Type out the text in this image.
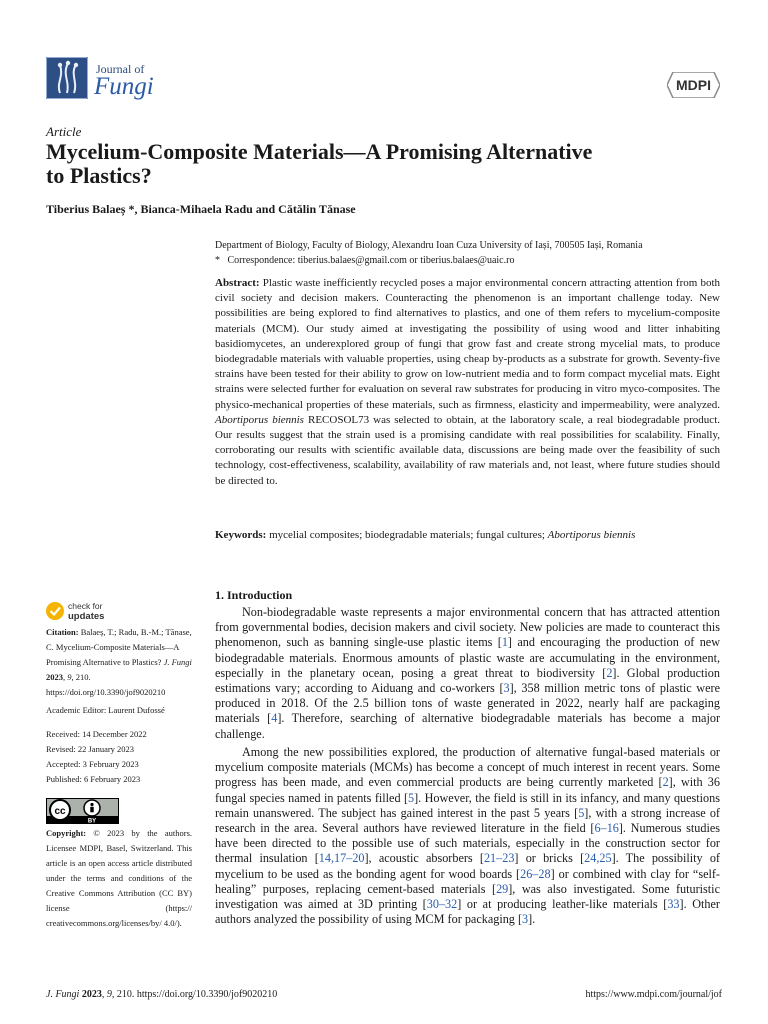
Journal of
Fungi	MDPI
Article
Mycelium-Composite Materials—A Promising Alternative
to Plastics?
Tiberius Balaeș *, Bianca-Mihaela Radu and Cătălin Tănase
Department of Biology, Faculty of Biology, Alexandru Ioan Cuza University of Iași, 700505 Iași, Romania
* Correspondence: tiberius.balaes@gmail.com or tiberius.balaes@uaic.ro
Abstract: Plastic waste inefficiently recycled poses a major environmental concern attracting attention from both civil society and decision makers. Counteracting the phenomenon is an important challenge today. New possibilities are being explored to find alternatives to plastics, and one of them refers to mycelium-composite materials (MCM). Our study aimed at investigating the possibility of using wood and litter inhabiting basidiomycetes, an underexplored group of fungi that grow fast and create strong mycelial mats, to produce biodegradable materials with valuable properties, using cheap by-products as a substrate for growth. Seventy-five strains have been tested for their ability to grow on low-nutrient media and to form compact mycelial mats. Eight strains were selected further for evaluation on several raw substrates for producing in vitro myco-composites. The physico-mechanical properties of these materials, such as firmness, elasticity and impermeability, were analyzed. Abortiporus biennis RECOSOL73 was selected to obtain, at the laboratory scale, a real biodegradable product. Our results suggest that the strain used is a promising candidate with real possibilities for scalability. Finally, corroborating our results with scientific available data, discussions are being made over the feasibility of such technology, cost-effectiveness, scalability, availability of raw materials and, not least, where future studies should be directed to.
Keywords: mycelial composites; biodegradable materials; fungal cultures; Abortiporus biennis
1. Introduction
Non-biodegradable waste represents a major environmental concern that has attracted attention from governmental bodies, decision makers and civil society. New policies are made to counteract this phenomenon, such as banning single-use plastic items [1] and encouraging the production of new biodegradable materials. Enormous amounts of plastic waste are accumulating in the environment, especially in the planetary ocean, posing a great threat to biodiversity [2]. Global production estimations vary; according to Aiduang and co-workers [3], 358 million metric tons of plastic were produced in 2018. Of the 2.5 billion tons of waste generated in 2022, nearly half are packaging materials [4]. Therefore, searching of alternative biodegradable materials has become a major challenge.
Among the new possibilities explored, the production of alternative fungal-based materials or mycelium composite materials (MCMs) has become a concept of much interest in recent years. Some progress has been made, and even commercial products are being currently marketed [2], with 36 fungal species named in patents filled [5]. However, the field is still in its infancy, and many questions remain unanswered. The subject has gained interest in the past 5 years [5], with a strong increase of research in the area. Several authors have reviewed literature in the field [6–16]. Numerous studies have been directed to the possible use of such materials, especially in the construction sector for thermal insulation [14,17–20], acoustic absorbers [21–23] or bricks [24,25]. The possibility of mycelium to be used as the bonding agent for wood boards [26–28] or combined with clay for “self-healing” purposes, replacing cement-based materials [29], was also investigated. Some futuristic investigation was aimed at 3D printing [30–32] or at producing leather-like materials [33]. Other authors analyzed the possibility of using MCM for packaging [3].
check for
updates
Citation: Balaeș, T.; Radu, B.-M.; Tănase, C. Mycelium-Composite Materials—A Promising Alternative to Plastics? J. Fungi 2023, 9, 210. https://doi.org/10.3390/jof9020210
Academic Editor: Laurent Dufossé
Received: 14 December 2022
Revised: 22 January 2023
Accepted: 3 February 2023
Published: 6 February 2023
cc
BY
Copyright: © 2023 by the authors. Licensee MDPI, Basel, Switzerland. This article is an open access article distributed under the terms and conditions of the Creative Commons Attribution (CC BY) license (https:// creativecommons.org/licenses/by/ 4.0/).
J. Fungi 2023, 9, 210. https://doi.org/10.3390/jof9020210	https://www.mdpi.com/journal/jof
